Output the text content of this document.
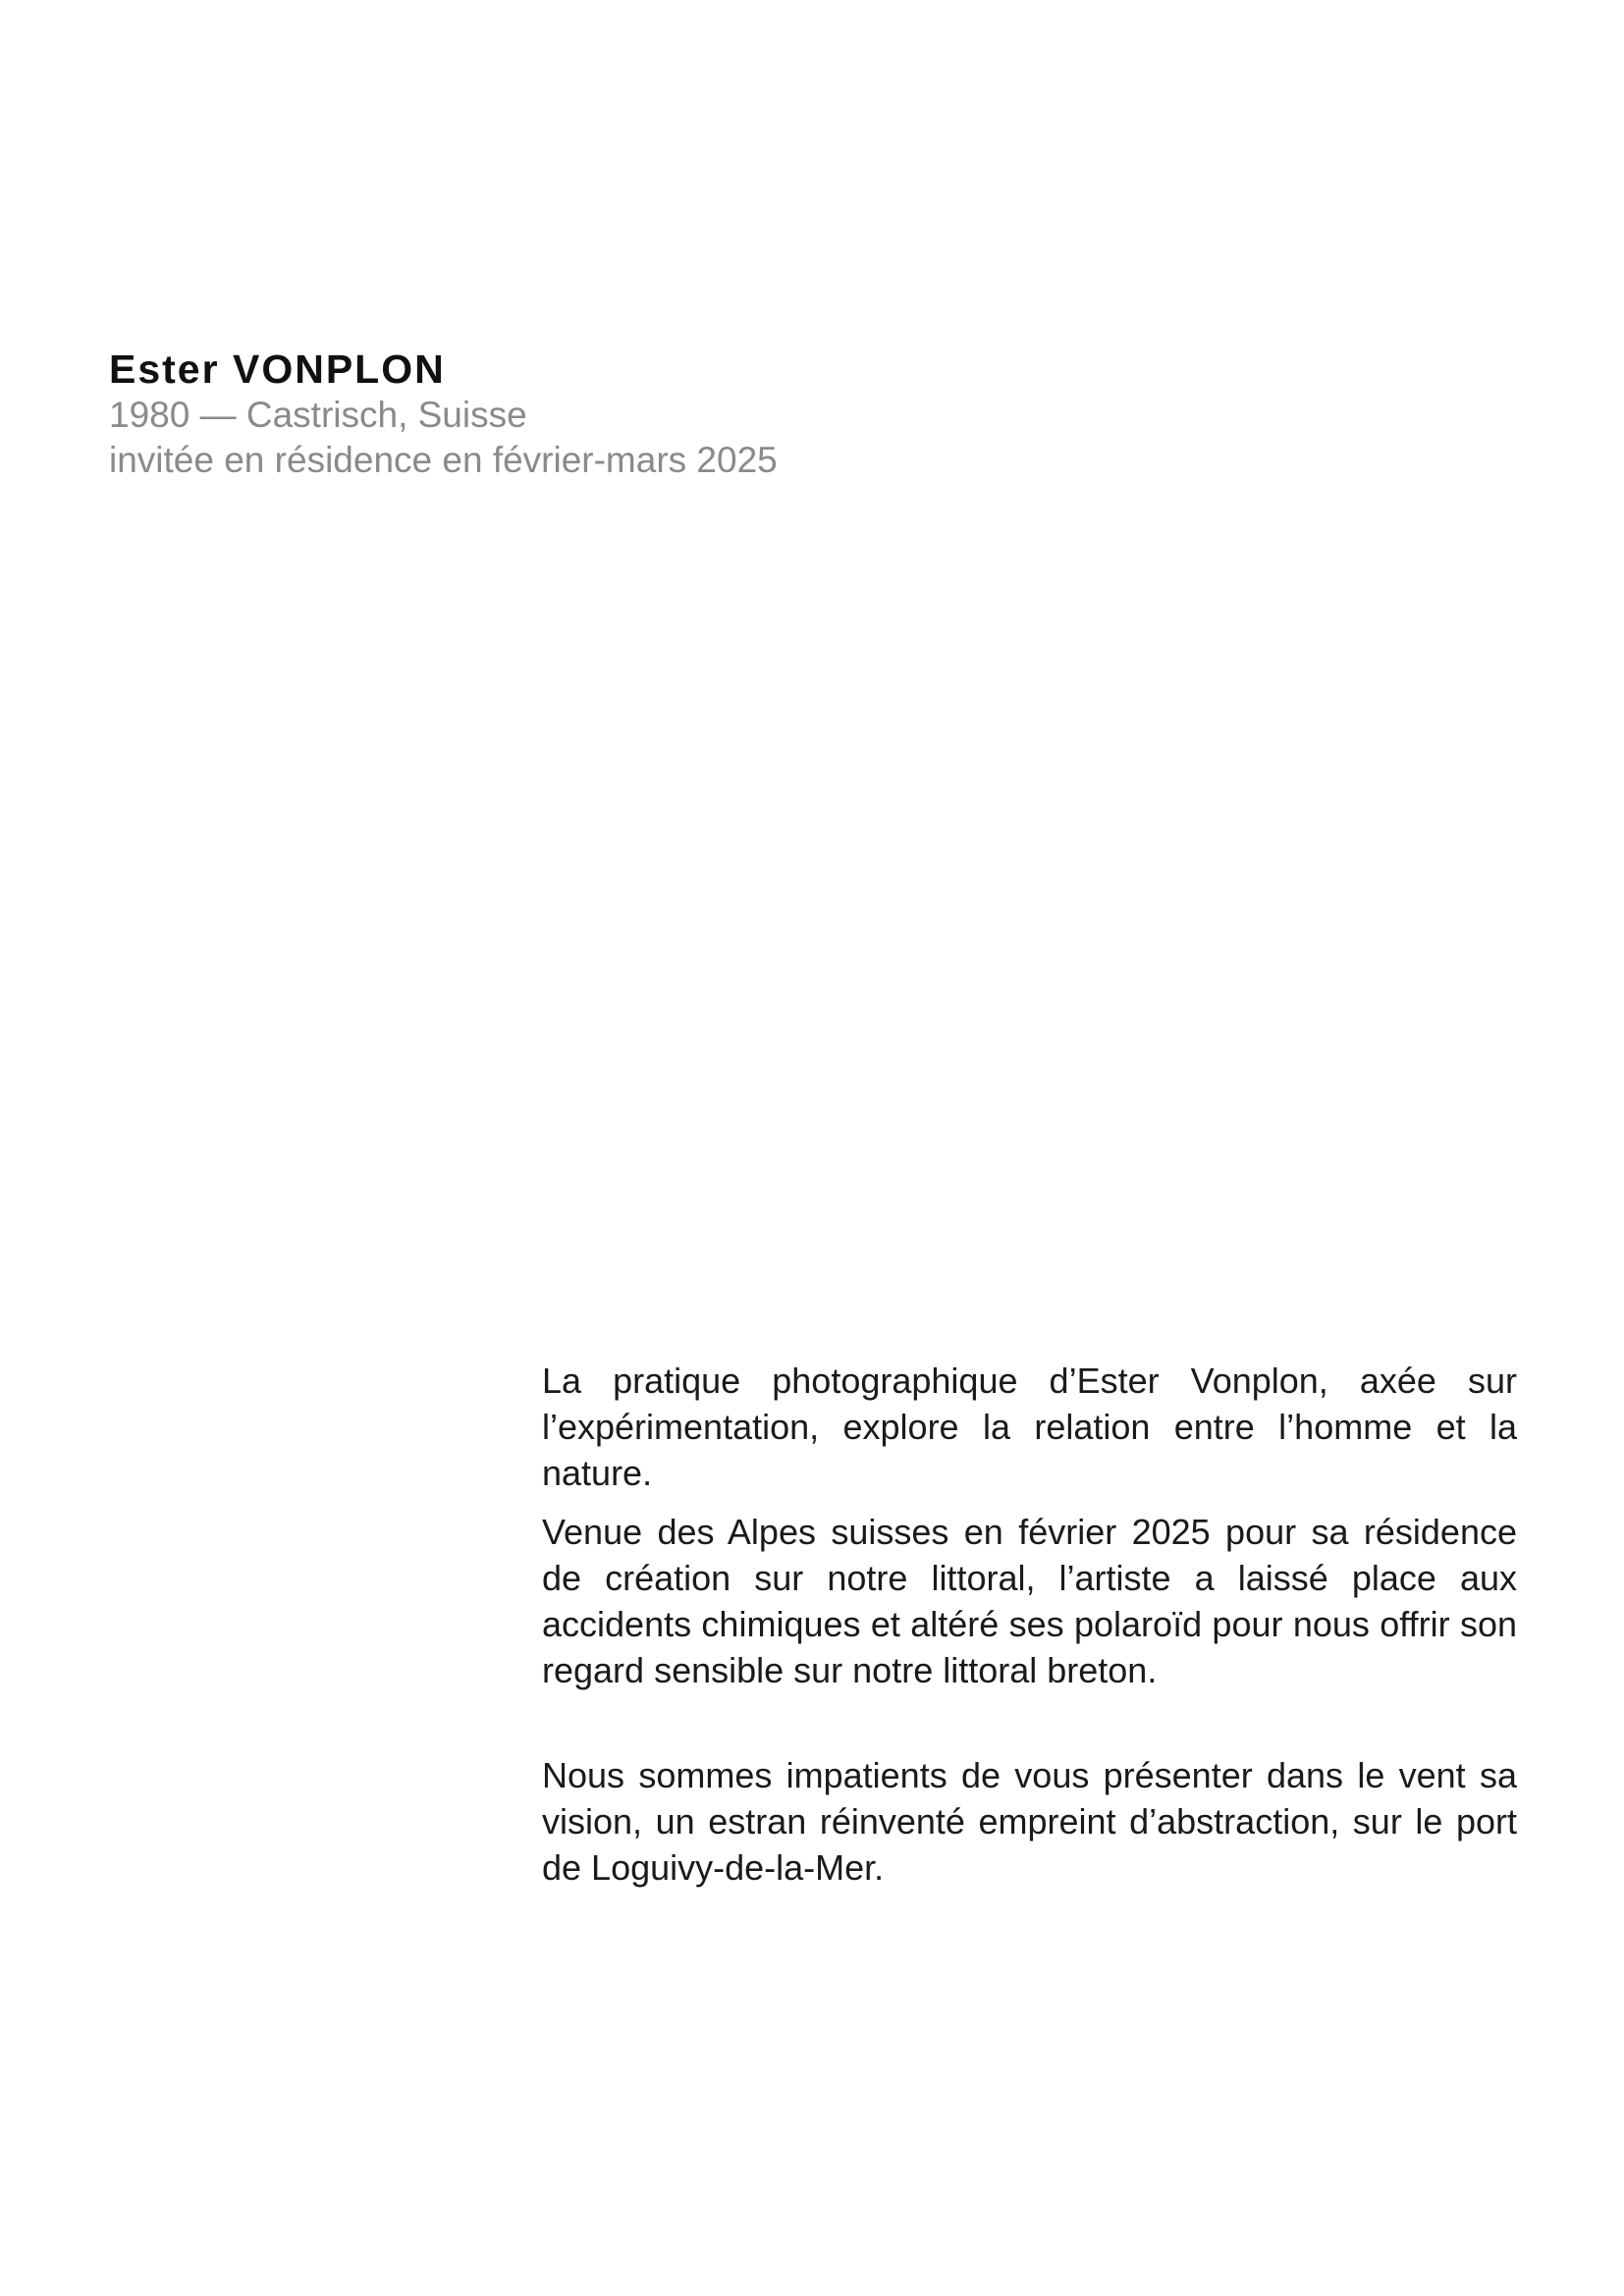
Ester VONPLON

1980 — Castrisch, Suisse

invitée en résidence en février-mars 2025

La pratique photographique d’Ester Vonplon, axée sur l’expérimentation, explore la relation entre l’homme et la nature.

Venue des Alpes suisses en février 2025 pour sa résidence de création sur notre littoral, l’artiste a laissé place aux accidents chimiques et altéré ses polaroïd pour nous offrir son regard sensible sur notre littoral breton.

Nous sommes impatients de vous présenter dans le vent sa vision, un estran réinventé empreint d’abstraction, sur le port de Loguivy-de-la-Mer.
